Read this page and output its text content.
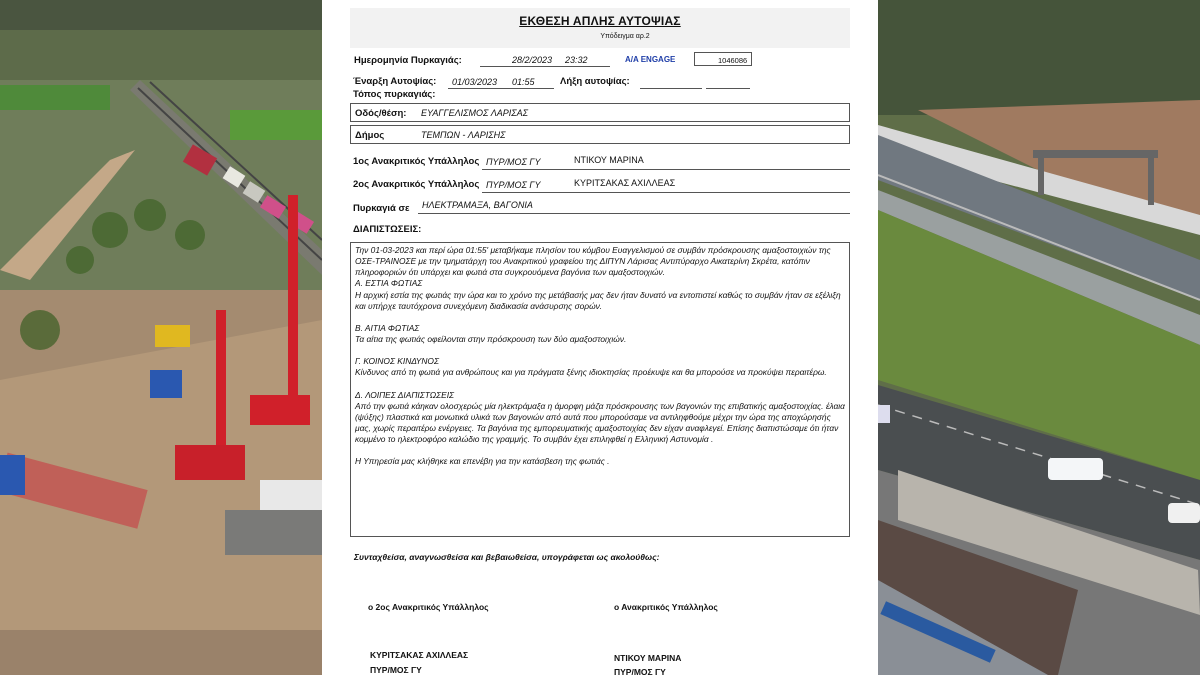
ΕΚΘΕΣΗ ΑΠΛΗΣ ΑΥΤΟΨΙΑΣ
Υπόδειγμα αρ.2
Ημερομηνία Πυρκαγιάς:	28/2/2023 23:32	A/A ENGAGE	1046086
Έναρξη Αυτοψίας: 01/03/2023 01:55	Λήξη αυτοψίας:
Τόπος πυρκαγιάς:
Οδός/θέση: ΕΥΑΓΓΕΛΙΣΜΟΣ ΛΑΡΙΣΑΣ
Δήμος	ΤΕΜΠΩΝ - ΛΑΡΙΣΗΣ
1ος Ανακριτικός Υπάλληλος ΠΥΡ/ΜΟΣ ΓΥ	ΝΤΙΚΟΥ ΜΑΡΙΝΑ
2ος Ανακριτικός Υπάλληλος ΠΥΡ/ΜΟΣ ΓΥ	ΚΥΡΙΤΣΑΚΑΣ ΑΧΙΛΛΕΑΣ
Πυρκαγιά σε ΗΛΕΚΤΡΑΜΑΞΑ, ΒΑΓΟΝΙΑ
ΔΙΑΠΙΣΤΩΣΕΙΣ:

Την 01-03-2023 και περί ώρα 01:55' μεταβήκαμε πλησίον του κόμβου Ευαγγελισμού σε συμβάν πρόσκρουσης αμαξοστοιχιών της ΟΣΕ-ΤΡΑΙΝΟΣΕ με την τμηματάρχη του Ανακριτικού γραφείου της ΔΙΠΥΝ Λάρισας Αντιπύραρχο Αικατερίνη Σκρέτα, κατόπιν πληροφοριών ότι υπάρχει και φωτιά στα συγκρουόμενα βαγόνια των αμαξοστοιχιών.

Α. ΕΣΤΙΑ ΦΩΤΙΑΣ

Η αρχική εστία της φωτιάς την ώρα και το χρόνο της μετάβασής μας δεν ήταν δυνατό να εντοπιστεί καθώς το συμβάν ήταν σε εξέλιξη και υπήρχε ταυτόχρονα συνεχόμενη διαδικασία ανάσυρσης σορών.

Β. ΑΙΤΙΑ ΦΩΤΙΑΣ

Τα αίτια της φωτιάς οφείλονται στην πρόσκρουση των δύο αμαξοστοιχιών.

Γ. ΚΟΙΝΟΣ ΚΙΝΔΥΝΟΣ

Κίνδυνος από τη φωτιά για ανθρώπους και για πράγματα ξένης ιδιοκτησίας προέκυψε και θα μπορούσε να προκύψει περαιτέρω.

Δ. ΛΟΙΠΕΣ ΔΙΑΠΙΣΤΩΣΕΙΣ

Από την φωτιά κάηκαν ολοσχερώς μία ηλεκτράμαξα η άμορφη μάζα πρόσκρουσης των βαγονιών της επιβατικής αμαξοστοιχίας. έλαια (ψύξης) πλαστικά και μονωτικά υλικά των βαγονιών από αυτά που μπορούσαμε να αντιληφθούμε μέχρι την ώρα της αποχώρησής μας, χωρίς περαιτέρω ενέργειες. Τα βαγόνια της εμπορευματικής αμαξοστοιχίας δεν είχαν αναφλεγεί. Επίσης διαπιστώσαμε ότι ήταν κομμένο το ηλεκτροφόρο καλώδιο της γραμμής. Το συμβάν έχει επιληφθεί η Ελληνική Αστυνομία .

Η Υπηρεσία μας κλήθηκε και επενέβη για την κατάσβεση της φωτιάς .

Συνταχθείσα, αναγνωσθείσα και βεβαιωθείσα, υπογράφεται ως ακολούθως:
ο 2ος Ανακριτικός Υπάλληλος	ο Ανακριτικός Υπάλληλος
ΚΥΡΙΤΣΑΚΑΣ ΑΧΙΛΛΕΑΣ
ΠΥΡ/ΜΟΣ ΓΥ
ΝΤΙΚΟΥ ΜΑΡΙΝΑ
ΠΥΡ/ΜΟΣ ΓΥ
